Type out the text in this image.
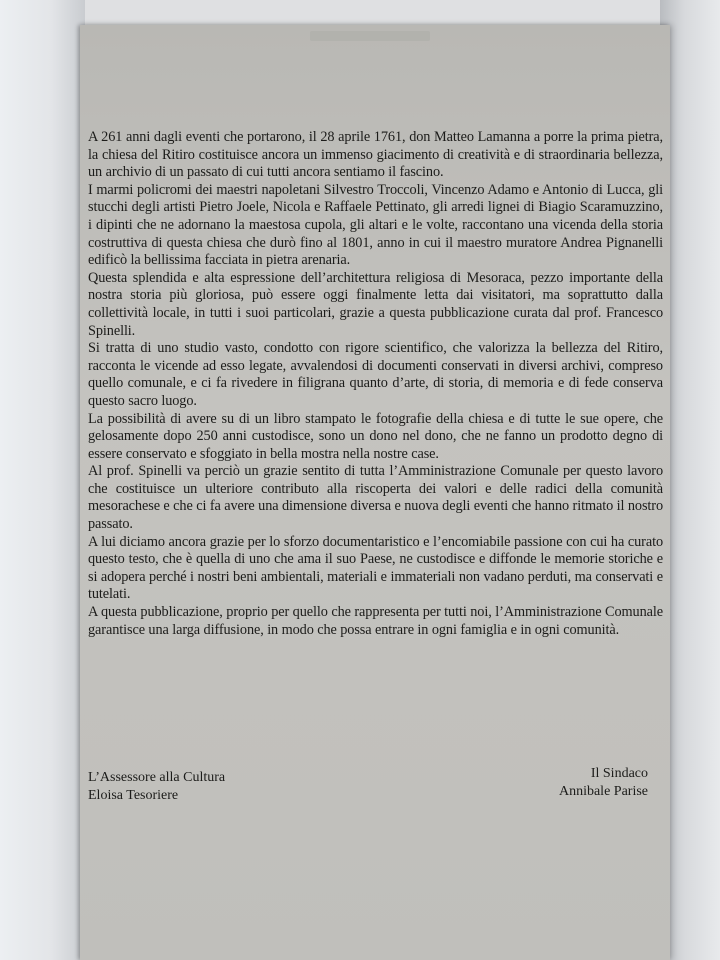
A 261 anni dagli eventi che portarono, il 28 aprile 1761, don Matteo Lamanna a porre la prima pietra, la chiesa del Ritiro costituisce ancora un immenso giacimento di creatività e di straordinaria bellezza, un archivio di un passato di cui tutti ancora sentiamo il fascino.

I marmi policromi dei maestri napoletani Silvestro Troccoli, Vincenzo Adamo e Antonio di Lucca, gli stucchi degli artisti Pietro Joele, Nicola e Raffaele Pettinato, gli arredi lignei di Biagio Scaramuzzino, i dipinti che ne adornano la maestosa cupola, gli altari e le volte, raccontano una vicenda della storia costruttiva di questa chiesa che durò fino al 1801, anno in cui il maestro muratore Andrea Pignanelli edificò la bellissima facciata in pietra arenaria.

Questa splendida e alta espressione dell’architettura religiosa di Mesoraca, pezzo importante della nostra storia più gloriosa, può essere oggi finalmente letta dai visitatori, ma soprattutto dalla collettività locale, in tutti i suoi particolari, grazie a questa pubblicazione curata dal prof. Francesco Spinelli.

Si tratta di uno studio vasto, condotto con rigore scientifico, che valorizza la bellezza del Ritiro, racconta le vicende ad esso legate, avvalendosi di documenti conservati in diversi archivi, compreso quello comunale, e ci fa rivedere in filigrana quanto d’arte, di storia, di memoria e di fede conserva questo sacro luogo.

La possibilità di avere su di un libro stampato le fotografie della chiesa e di tutte le sue opere, che gelosamente dopo 250 anni custodisce, sono un dono nel dono, che ne fanno un prodotto degno di essere conservato e sfoggiato in bella mostra nella nostre case.

Al prof. Spinelli va perciò un grazie sentito di tutta l’Amministrazione Comunale per questo lavoro che costituisce un ulteriore contributo alla riscoperta dei valori e delle radici della comunità mesorachese e che ci fa avere una dimensione diversa e nuova degli eventi che hanno ritmato il nostro passato.

A lui diciamo ancora grazie per lo sforzo documentaristico e l’encomiabile passione con cui ha curato questo testo, che è quella di uno che ama il suo Paese, ne custodisce e diffonde le memorie storiche e si adopera perché i nostri beni ambientali, materiali e immateriali non vadano perduti, ma conservati e tutelati.

A questa pubblicazione, proprio per quello che rappresenta per tutti noi, l’Amministrazione Comunale garantisce una larga diffusione, in modo che possa entrare in ogni famiglia e in ogni comunità.

L’Assessore alla Cultura
Eloisa Tesoriere
Il Sindaco
Annibale Parise
